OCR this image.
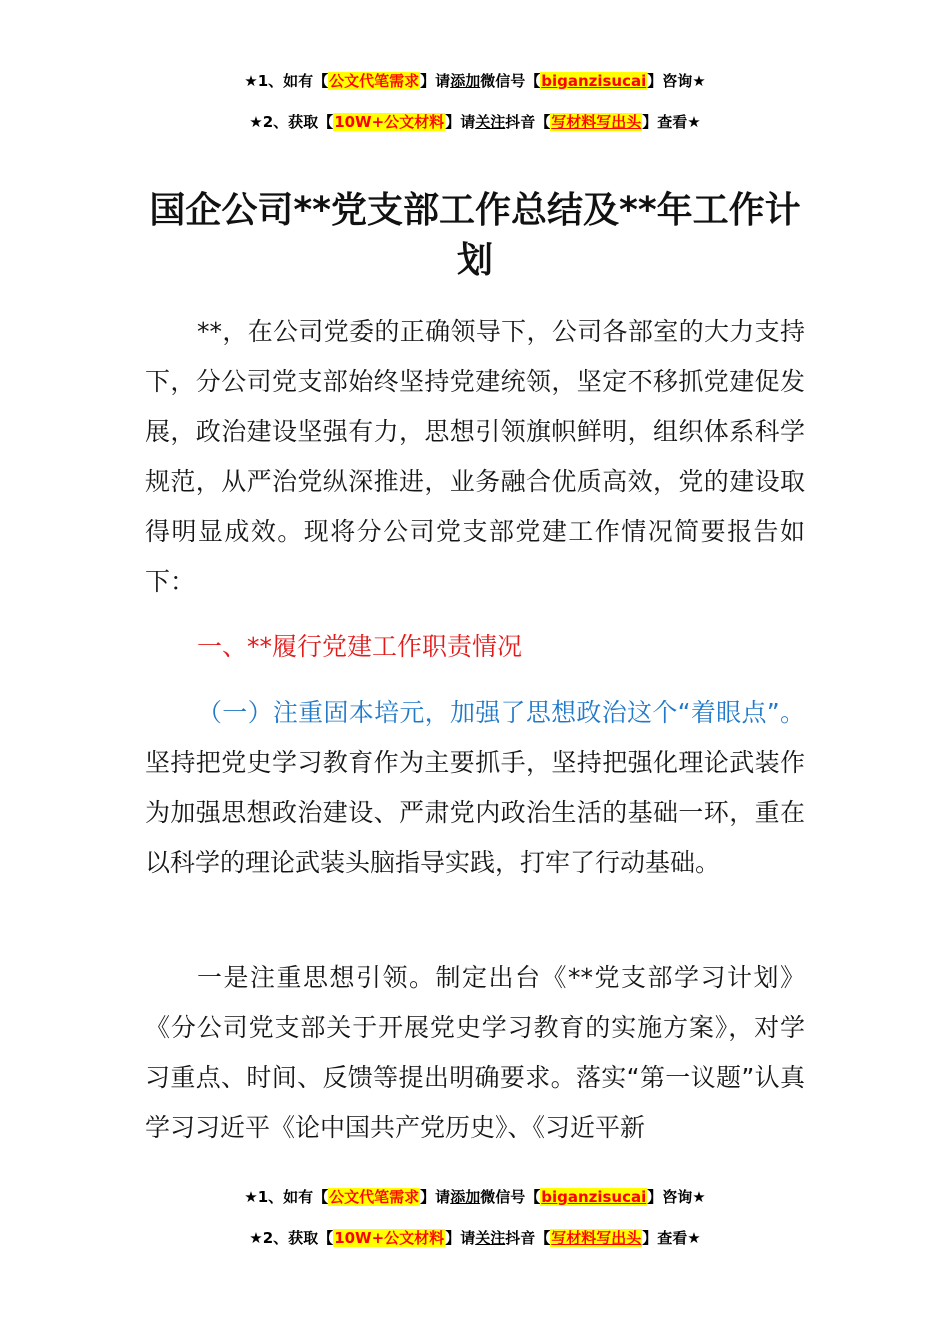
★1、如有【公文代笔需求】请添加微信号【biganzisucai】咨询★
★2、获取【10W+公文材料】请关注抖音【写材料写出头】查看★
国企公司**党支部工作总结及**年工作计划

**，在公司党委的正确领导下，公司各部室的大力支持下，分公司党支部始终坚持党建统领，坚定不移抓党建促发展，政治建设坚强有力，思想引领旗帜鲜明，组织体系科学规范，从严治党纵深推进，业务融合优质高效，党的建设取得明显成效。现将分公司党支部党建工作情况简要报告如下：

一、**履行党建工作职责情况

（一）注重固本培元，加强了思想政治这个“着眼点”。坚持把党史学习教育作为主要抓手，坚持把强化理论武装作为加强思想政治建设、严肃党内政治生活的基础一环，重在以科学的理论武装头脑指导实践，打牢了行动基础。

一是注重思想引领。制定出台《**党支部学习计划》《分公司党支部关于开展党史学习教育的实施方案》，对学习重点、时间、反馈等提出明确要求。落实“第一议题”认真学习习近平《论中国共产党历史》、《习近平新

★1、如有【公文代笔需求】请添加微信号【biganzisucai】咨询★
★2、获取【10W+公文材料】请关注抖音【写材料写出头】查看★
